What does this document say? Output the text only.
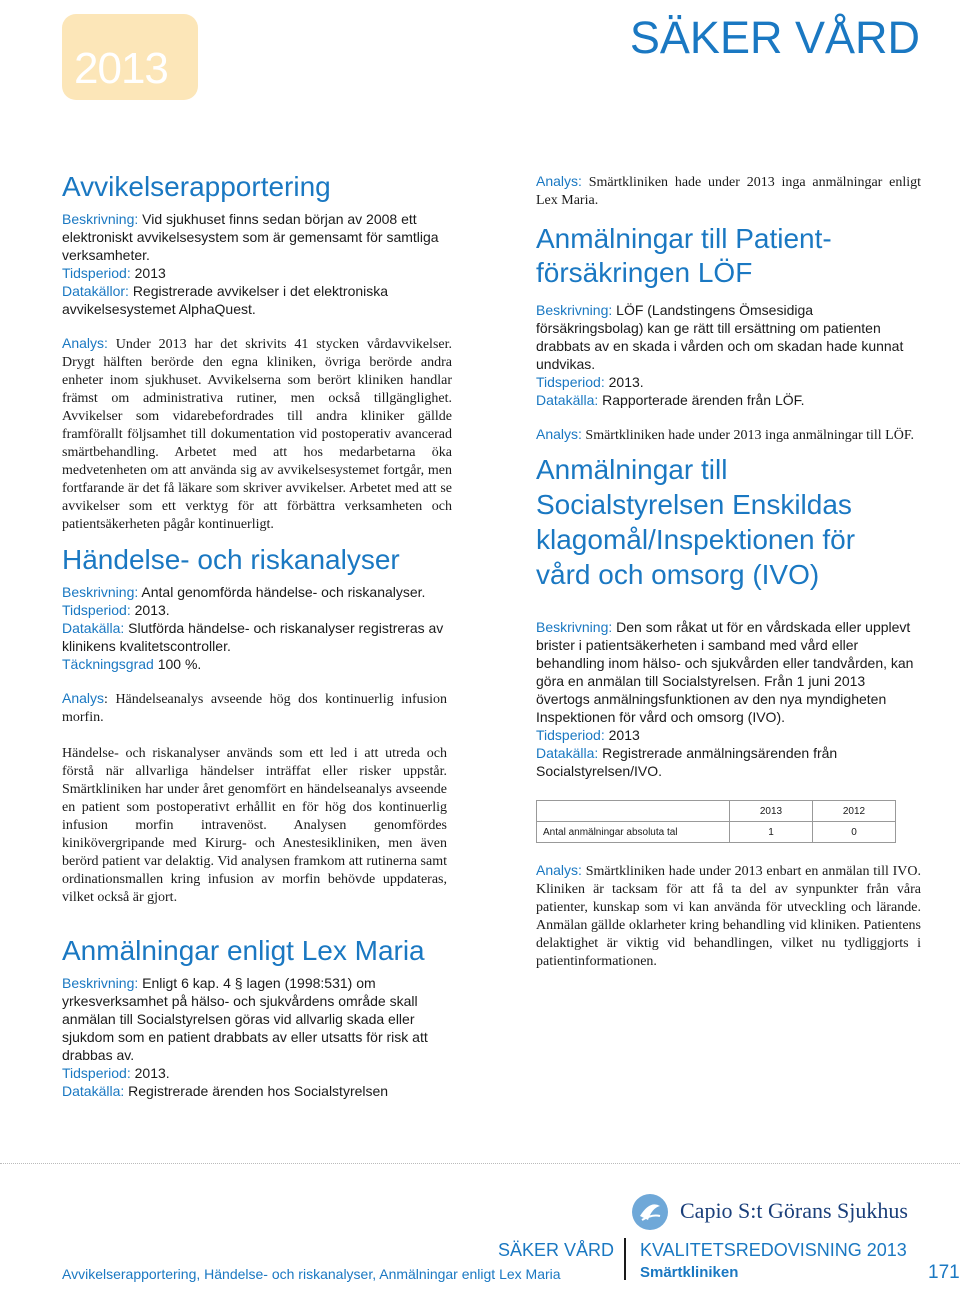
2013
SÄKER VÅRD
Avvikelserapportering

Beskrivning: Vid sjukhuset finns sedan början av 2008 ett elektroniskt avvikelsesystem som är gemensamt för samtliga verksamheter.

Tidsperiod: 2013

Datakällor: Registrerade avvikelser i det elektroniska avvikelsesystemet AlphaQuest.

Analys: Under 2013 har det skrivits 41 stycken vårdavvikelser. Drygt hälften berörde den egna kliniken, övriga berörde andra enheter inom sjukhuset. Avvikelserna som berört kliniken handlar främst om administrativa rutiner, men också tillgänglighet. Avvikelser som vidarebefordrades till andra kliniker gällde framförallt följsamhet till dokumentation vid postoperativ avancerad smärtbehandling. Arbetet med att hos medarbetarna öka medvetenheten om att använda sig av avvikelsesystemet fortgår, men fortfarande är det få läkare som skriver avvikelser. Arbetet med att se avvikelser som ett verktyg för att förbättra verksamheten och patientsäkerheten pågår kontinuerligt.

Händelse- och riskanalyser

Beskrivning: Antal genomförda händelse- och riskanalyser.

Tidsperiod: 2013.

Datakälla: Slutförda händelse- och riskanalyser registreras av klinikens kvalitetscontroller.

Täckningsgrad 100 %.

Analys: Händelseanalys avseende hög dos kontinuerlig infusion morfin.

Händelse- och riskanalyser används som ett led i att utreda och förstå när allvarliga händelser inträffat eller risker uppstår. Smärtkliniken har under året genomfört en händelseanalys avseende en patient som postoperativt erhållit en för hög dos kontinuerlig infusion morfin intravenöst. Analysen genomfördes kinikövergripande med Kirurg- och Anestesikliniken, men även berörd patient var delaktig. Vid analysen framkom att rutinerna samt ordinationsmallen kring infusion av morfin behövde uppdateras, vilket också är gjort.

Anmälningar enligt Lex Maria

Beskrivning: Enligt 6 kap. 4 § lagen (1998:531) om yrkesverksamhet på hälso- och sjukvårdens område skall anmälan till Socialstyrelsen göras vid allvarlig skada eller sjukdom som en patient drabbats av eller utsatts för risk att drabbas av.

Tidsperiod: 2013.

Datakälla: Registrerade ärenden hos Socialstyrelsen

Analys: Smärtkliniken hade under 2013 inga anmälningar enligt Lex Maria.

Anmälningar till Patient-försäkringen LÖF

Beskrivning: LÖF (Landstingens Ömsesidiga försäkringsbolag) kan ge rätt till ersättning om patienten drabbats av en skada i vården och om skadan hade kunnat undvikas.

Tidsperiod: 2013.

Datakälla: Rapporterade ärenden från LÖF.

Analys: Smärtkliniken hade under 2013 inga anmälningar till LÖF.

Anmälningar till Socialstyrelsen Enskildas klagomål/Inspektionen för vård och omsorg (IVO)

Beskrivning: Den som råkat ut för en vårdskada eller upplevt brister i patientsäkerheten i samband med vård eller behandling inom hälso- och sjukvården eller tandvården, kan göra en anmälan till Socialstyrelsen. Från 1 juni 2013 övertogs anmälningsfunktionen av den nya myndigheten Inspektionen för vård och omsorg (IVO).

Tidsperiod: 2013

Datakälla: Registrerade anmälningsärenden från Socialstyrelsen/IVO.

	2013	2012
Antal anmälningar absoluta tal	1	0

Analys: Smärtkliniken hade under 2013 enbart en anmälan till IVO. Kliniken är tacksam för att få ta del av synpunkter från våra patienter, kunskap som vi kan använda för utveckling och lärande. Anmälan gällde oklarheter kring behandling vid kliniken. Patientens delaktighet är viktig vid behandlingen, vilket nu tydliggjorts i patientinformationen.

Capio S:t Görans Sjukhus
Avvikelserapportering, Händelse- och riskanalyser, Anmälningar enligt Lex Maria
SÄKER VÅRD KVALITETSREDOVISNING 2013
Smärtkliniken	171
